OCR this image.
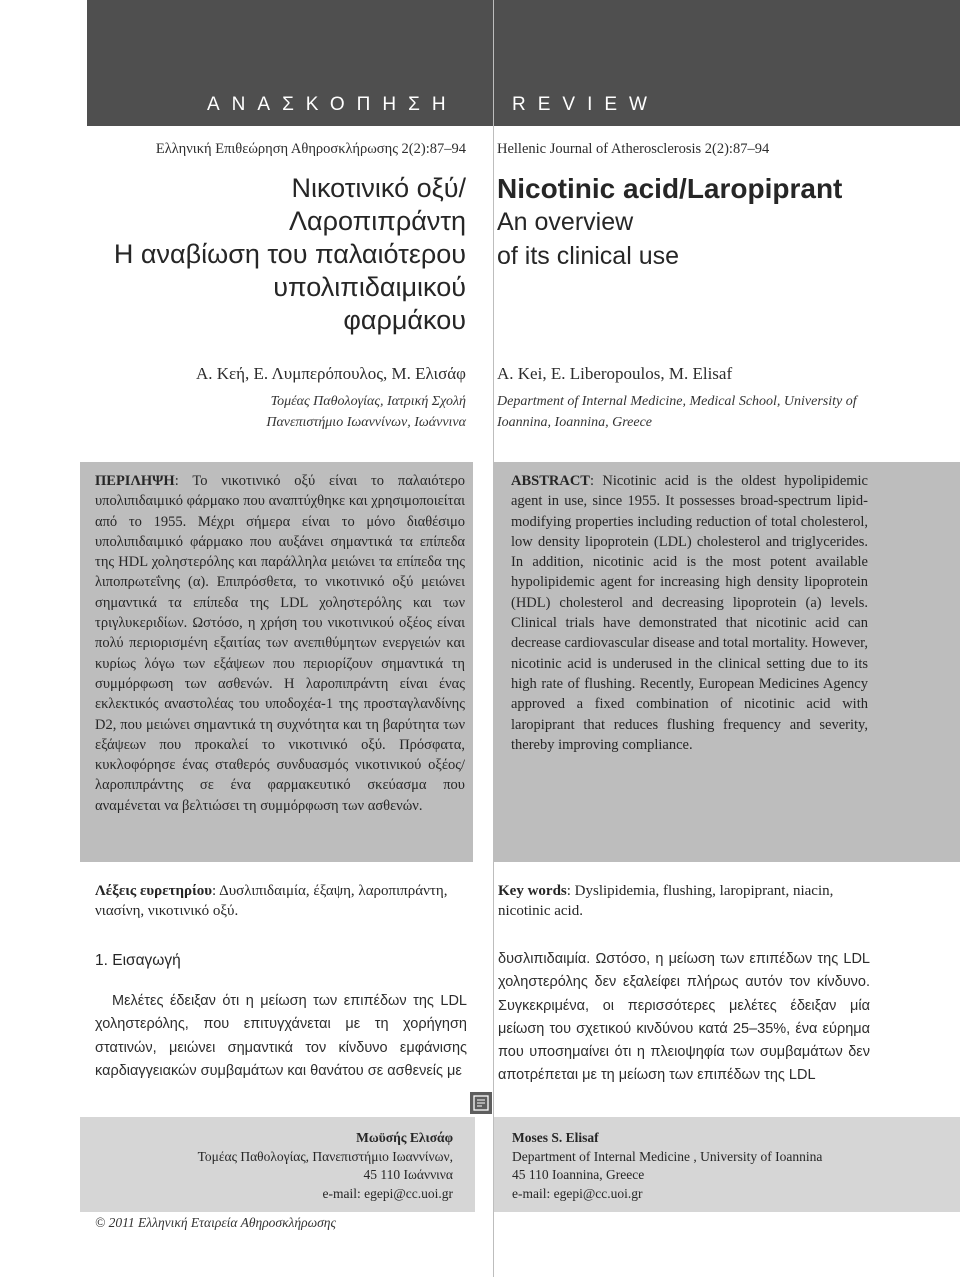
ΑΝΑΣΚΟΠΗΣΗ	REVIEW
Ελληνική Επιθεώρηση Αθηροσκλήρωσης 2(2):87–94
Νικοτινικό οξύ/
Λαροπιπράντη
Η αναβίωση του παλαιότερου
υπολιπιδαιμικού
φαρμάκου
Α. Κεή, Ε. Λυμπερόπουλος, Μ. Ελισάφ
Τομέας Παθολογίας, Ιατρική Σχολή
Πανεπιστήμιο Ιωαννίνων, Ιωάννινα
Hellenic Journal of Atherosclerosis 2(2):87–94
Nicotinic acid/Laropiprant
An overview
of its clinical use
A. Kei, E. Liberopoulos, M. Elisaf
Department of Internal Medicine, Medical School, University of
Ioannina, Ioannina, Greece

ΠΕΡΙΛΗΨΗ: Το νικοτινικό οξύ είναι το παλαιότερο υπολιπιδαιμικό φάρμακο που αναπτύχθηκε και χρησιμοποιείται από το 1955. Μέχρι σήμερα είναι το μόνο διαθέσιμο υπολιπιδαιμικό φάρμακο που αυξάνει σημαντικά τα επίπεδα της HDL χοληστερόλης και παράλληλα μειώνει τα επίπεδα της λιποπρωτεΐνης (α). Επιπρόσθετα, το νικοτινικό οξύ μειώνει σημαντικά τα επίπεδα της LDL χοληστερόλης και των τριγλυκεριδίων. Ωστόσο, η χρήση του νικοτινικού οξέος είναι πολύ περιορισμένη εξαιτίας των ανεπιθύμητων ενεργειών και κυρίως λόγω των εξάψεων που περιορίζουν σημαντικά τη συμμόρφωση των ασθενών. Η λαροπιπράντη είναι ένας εκλεκτικός αναστολέας του υποδοχέα-1 της προσταγλανδίνης D2, που μειώνει σημαντικά τη συχνότητα και τη βαρύτητα των εξάψεων που προκαλεί το νικοτινικό οξύ. Πρόσφατα, κυκλοφόρησε ένας σταθερός συνδυασμός νικοτινικού οξέος/λαροπιπράντης σε ένα φαρμακευτικό σκεύασμα που αναμένεται να βελτιώσει τη συμμόρφωση των ασθενών.

ABSTRACT: Nicotinic acid is the oldest hypolipidemic agent in use, since 1955. It possesses broad-spectrum lipid-modifying properties including reduction of total cholesterol, low density lipoprotein (LDL) cholesterol and triglycerides. In addition, nicotinic acid is the most potent available hypolipidemic agent for increasing high density lipoprotein (HDL) cholesterol and decreasing lipoprotein (a) levels. Clinical trials have demonstrated that nicotinic acid can decrease cardiovascular disease and total mortality. However, nicotinic acid is underused in the clinical setting due to its high rate of flushing. Recently, European Medicines Agency approved a fixed combination of nicotinic acid with laropiprant that reduces flushing frequency and severity, thereby improving compliance.

Λέξεις ευρετηρίου: Δυσλιπιδαιμία, έξαψη, λαροπιπράντη, νιασίνη, νικοτινικό οξύ.
Key words: Dyslipidemia, flushing, laropiprant, niacin, nicotinic acid.
1. Εισαγωγή

Μελέτες έδειξαν ότι η μείωση των επιπέδων της LDL χοληστερόλης, που επιτυγχάνεται με τη χορήγηση στατινών, μειώνει σημαντικά τον κίνδυνο εμφάνισης καρδιαγγειακών συμβαμάτων και θανάτου σε ασθενείς με

δυσλιπιδαιμία. Ωστόσο, η μείωση των επιπέδων της LDL χοληστερόλης δεν εξαλείφει πλήρως αυτόν τον κίνδυνο. Συγκεκριμένα, οι περισσότερες μελέτες έδειξαν μία μείωση του σχετικού κινδύνου κατά 25–35%, ένα εύρημα που υποσημαίνει ότι η πλειοψηφία των συμβαμάτων δεν αποτρέπεται με τη μείωση των επιπέδων της LDL

Μωϋσής Ελισάφ
Τομέας Παθολογίας, Πανεπιστήμιο Ιωαννίνων,
45 110 Ιωάννινα
e-mail: egepi@cc.uoi.gr
Moses S. Elisaf
Department of Internal Medicine , University of Ioannina
45 110 Ioannina, Greece
e-mail: egepi@cc.uoi.gr
© 2011 Ελληνική Εταιρεία Αθηροσκλήρωσης
